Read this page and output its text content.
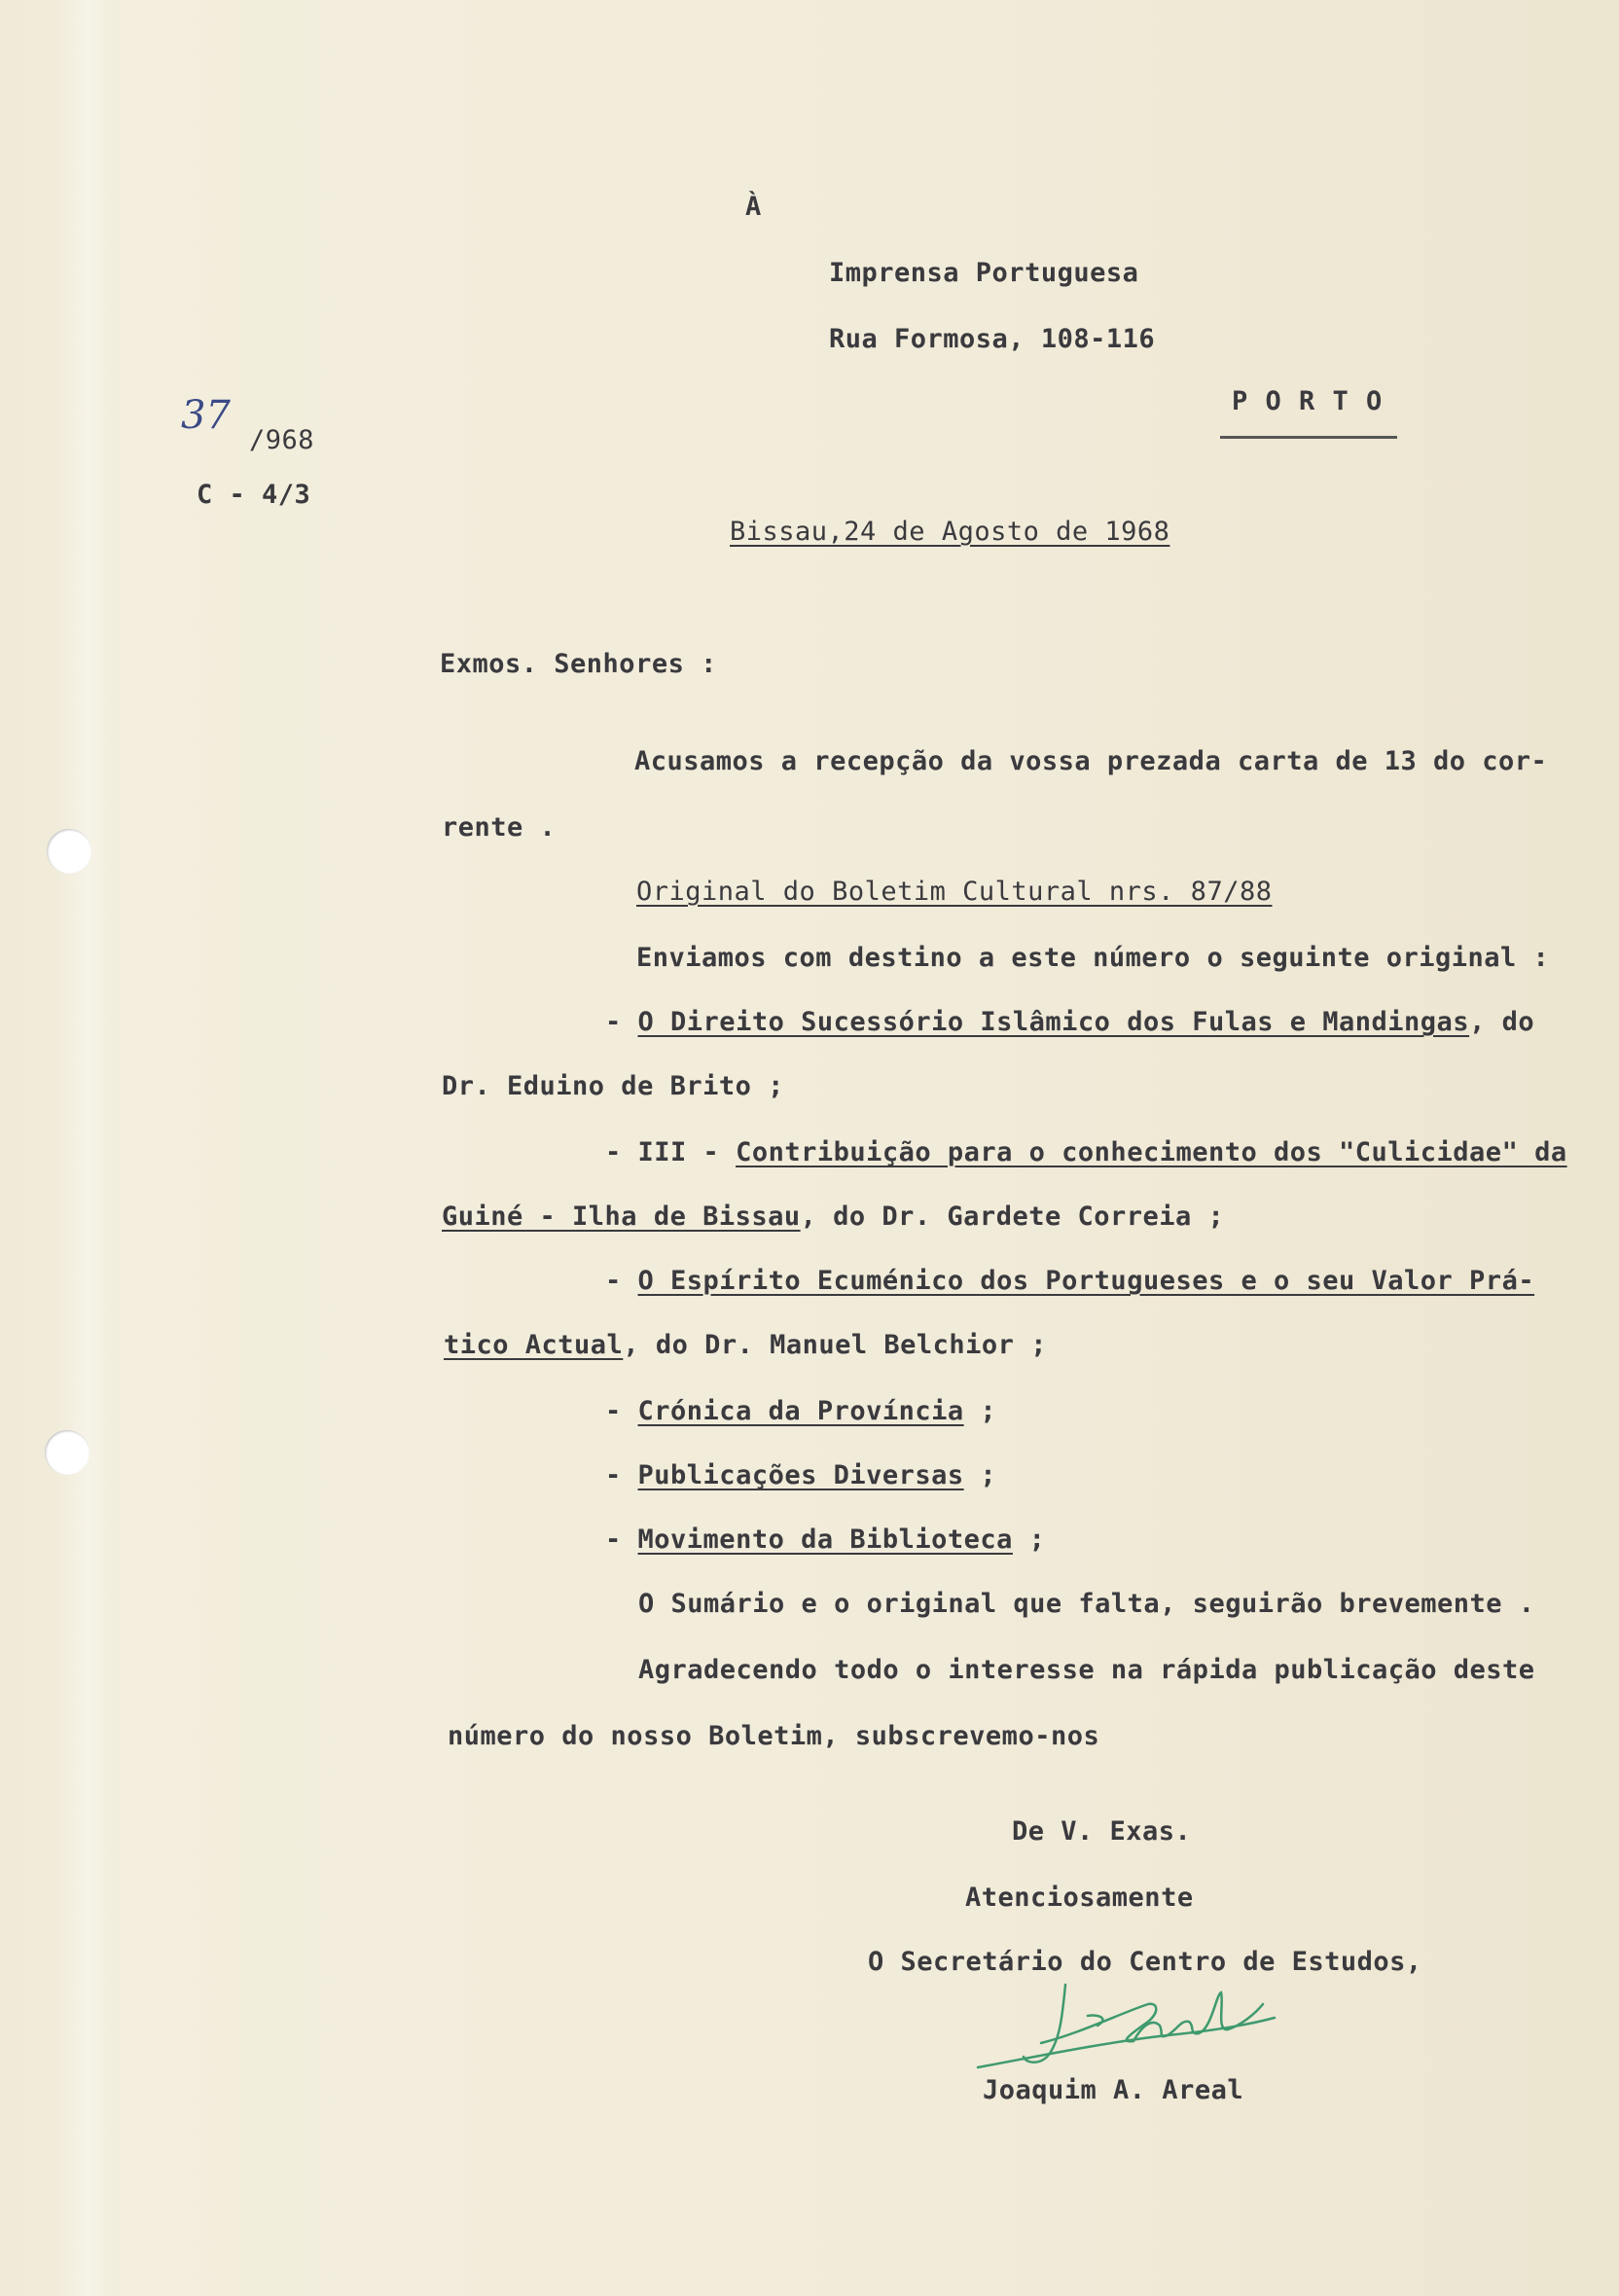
À
Imprensa Portuguesa
Rua Formosa, 108-116
P O R T O
37
/968
C - 4/3
Bissau,24 de Agosto de 1968
Exmos. Senhores :
Acusamos a recepção da vossa prezada carta de 13 do cor-
rente .
Original do Boletim Cultural nrs. 87/88
Enviamos com destino a este número o seguinte original :
- O Direito Sucessório Islâmico dos Fulas e Mandingas, do
Dr. Eduino de Brito ;
- III - Contribuição para o conhecimento dos "Culicidae" da
Guiné - Ilha de Bissau, do Dr. Gardete Correia ;
- O Espírito Ecuménico dos Portugueses e o seu Valor Prá-
tico Actual, do Dr. Manuel Belchior ;
- Crónica da Província ;
- Publicações Diversas ;
- Movimento da Biblioteca ;
O Sumário e o original que falta, seguirão brevemente .
Agradecendo todo o interesse na rápida publicação deste
número do nosso Boletim, subscrevemo-nos
De V. Exas.
Atenciosamente
O Secretário do Centro de Estudos,
Joaquim A. Areal
